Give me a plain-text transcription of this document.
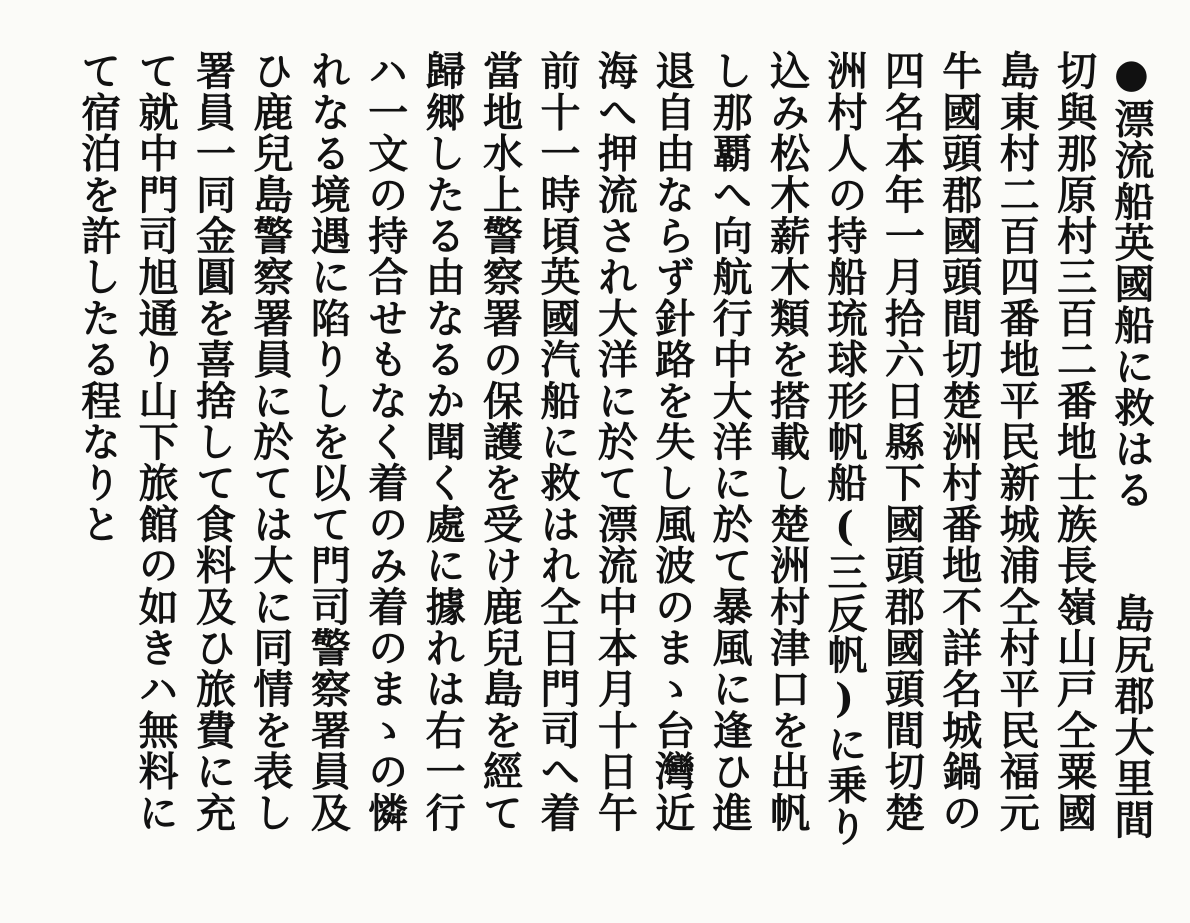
●漂流船英國船に救はる　　島尻郡大里間切與那原村三百二番地士族長嶺山戸仝粟國島東村二百四番地平民新城浦仝村平民福元牛國頭郡國頭間切楚洲村番地不詳名城鍋の四名本年一月拾六日縣下國頭郡國頭間切楚洲村人の持船琉球形帆船(三反帆)に乗り込み松木薪木類を搭載し楚洲村津口を出帆し那覇へ向航行中大洋に於て暴風に逢ひ進退自由ならず針路を失し風波のまゝ台灣近海へ押流され大洋に於て漂流中本月十日午前十一時頃英國汽船に救はれ仝日門司へ着當地水上警察署の保護を受け鹿兒島を經て歸郷したる由なるか聞く處に據れは右一行ハ一文の持合せもなく着のみ着のまゝの憐れなる境遇に陷りしを以て門司警察署員及ひ鹿兒島警察署員に於ては大に同情を表し署員一同金圓を喜捨して食料及ひ旅費に充て就中門司旭通り山下旅館の如きハ無料にて宿泊を許したる程なりと
